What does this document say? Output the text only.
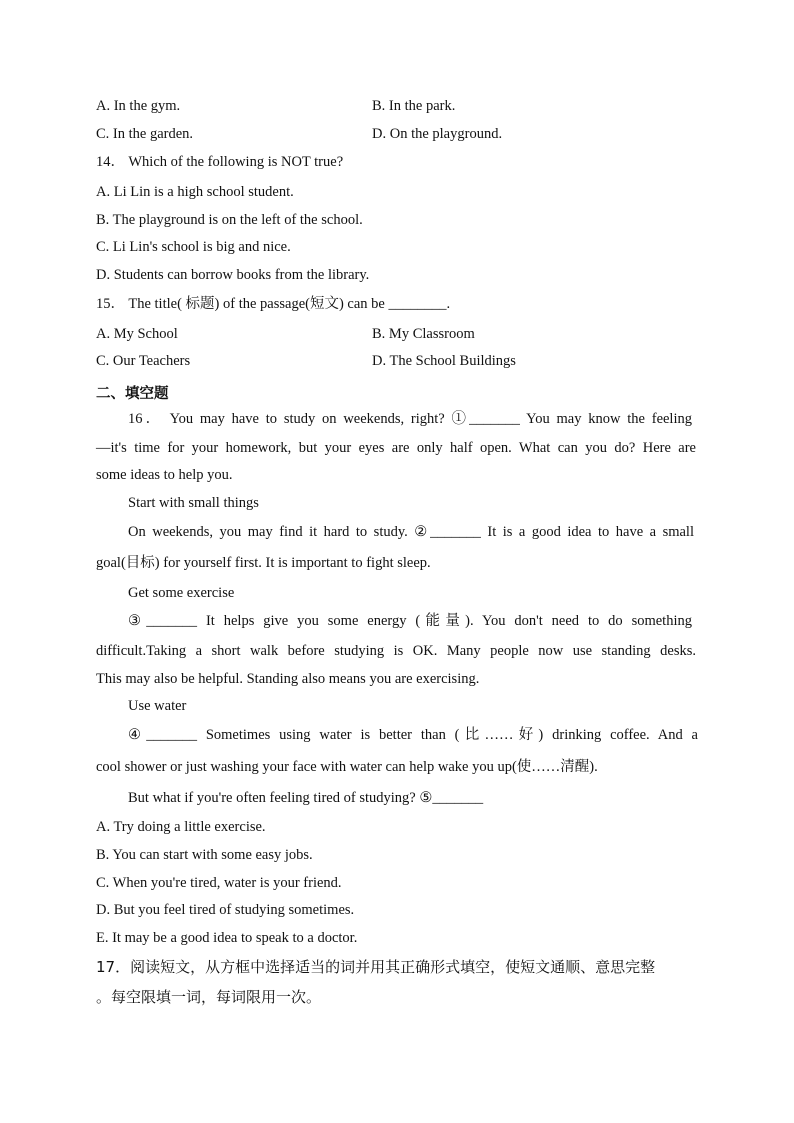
A. In the gym.	B. In the park.
C. In the garden.	D. On the playground.
14． Which of the following is NOT true?
A. Li Lin is a high school student.
B. The playground is on the left of the school.
C. Li Lin's school is big and nice.
D. Students can borrow books from the library.
15． The title( 标题) of the passage(短文) can be ________.
A. My School	B. My Classroom
C. Our Teachers	D. The School Buildings
二、填空题
16． You may have to study on weekends, right? ①_______ You may know the feeling
—it's time for your homework, but your eyes are only half open. What can you do? Here are
some ideas to help you.
Start with small things
On weekends, you may find it hard to study. ②_______ It is a good idea to have a small
goal(目标) for yourself first. It is important to fight sleep.
Get some exercise
③_______ It helps give you some energy (能量). You don't need to do something
difficult.Taking a short walk before studying is OK. Many people now use standing desks.
This may also be helpful. Standing also means you are exercising.
Use water
④_______ Sometimes using water is better than (比……好) drinking coffee. And a
cool shower or just washing your face with water can help wake you up(使……清醒).
But what if you're often feeling tired of studying? ⑤_______
A. Try doing a little exercise.
B. You can start with some easy jobs.
C. When you're tired, water is your friend.
D. But you feel tired of studying sometimes.
E. It may be a good idea to speak to a doctor.
17．阅读短文，从方框中选择适当的词并用其正确形式填空，使短文通顺、意思完整
。每空限填一词，每词限用一次。
